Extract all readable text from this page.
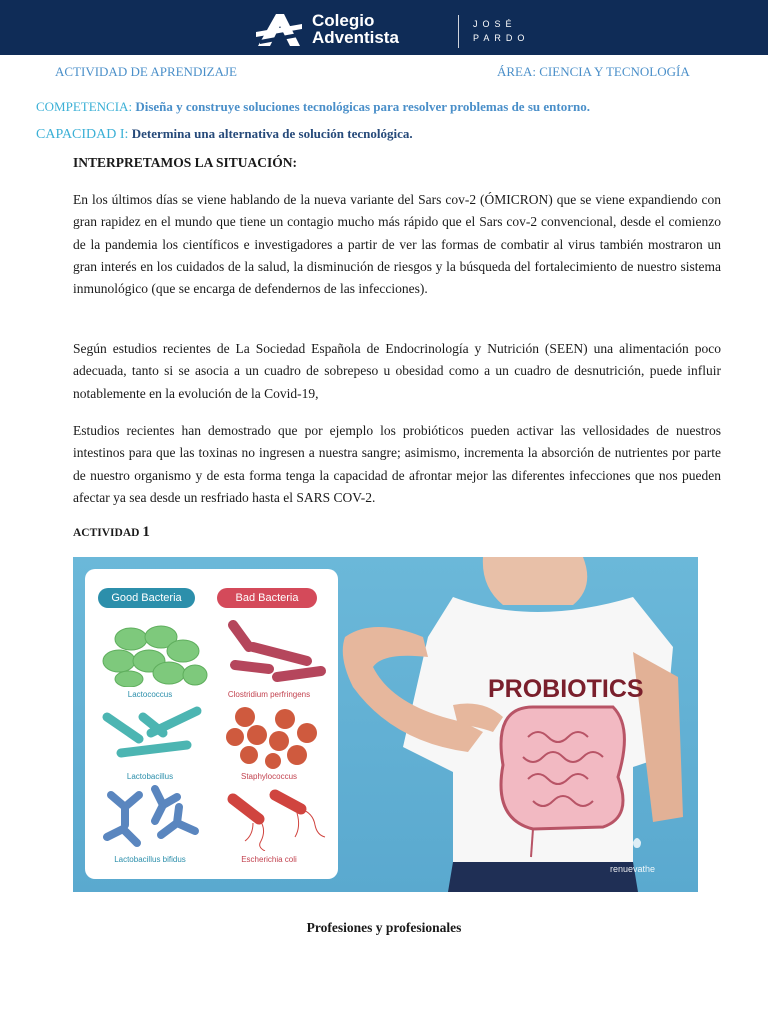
Colegio
Adventista
JOSÉ
PARDO
ACTIVIDAD DE APRENDIZAJE	ÁREA: CIENCIA Y TECNOLOGÍA
COMPETENCIA: Diseña y construye soluciones tecnológicas para resolver problemas de su entorno.
CAPACIDAD I: Determina una alternativa de solución tecnológica.
INTERPRETAMOS LA SITUACIÓN:

En los últimos días se viene hablando de la nueva variante del Sars cov-2 (ÓMICRON) que se viene expandiendo con gran rapidez en el mundo que tiene un contagio mucho más rápido que el Sars cov-2 convencional, desde el comienzo de la pandemia los científicos e investigadores a partir de ver las formas de combatir al virus también mostraron un gran interés en los cuidados de la salud, la disminución de riesgos y la búsqueda del fortalecimiento de nuestro sistema inmunológico (que se encarga de defendernos de las infecciones).

Según estudios recientes de La Sociedad Española de Endocrinología y Nutrición (SEEN) una alimentación poco adecuada, tanto si se asocia a un cuadro de sobrepeso u obesidad como a un cuadro de desnutrición, puede influir notablemente en la evolución de la Covid-19,

Estudios recientes han demostrado que por ejemplo los probióticos pueden activar las vellosidades de nuestros intestinos para que las toxinas no ingresen a nuestra sangre; asimismo, incrementa la absorción de nutrientes por parte de nuestro organismo y de esta forma tenga la capacidad de afrontar mejor las diferentes infecciones que nos pueden afectar ya sea desde un resfriado hasta el SARS COV-2.

ACTIVIDAD 1
Good Bacteria	Bad Bacteria
Lactococcus	Clostridium perfringens
Lactobacillus	Staphylococcus
Lactobacillus bifidus	Escherichia coli
PROBIOTICS
renuevathe
Profesiones y profesionales
